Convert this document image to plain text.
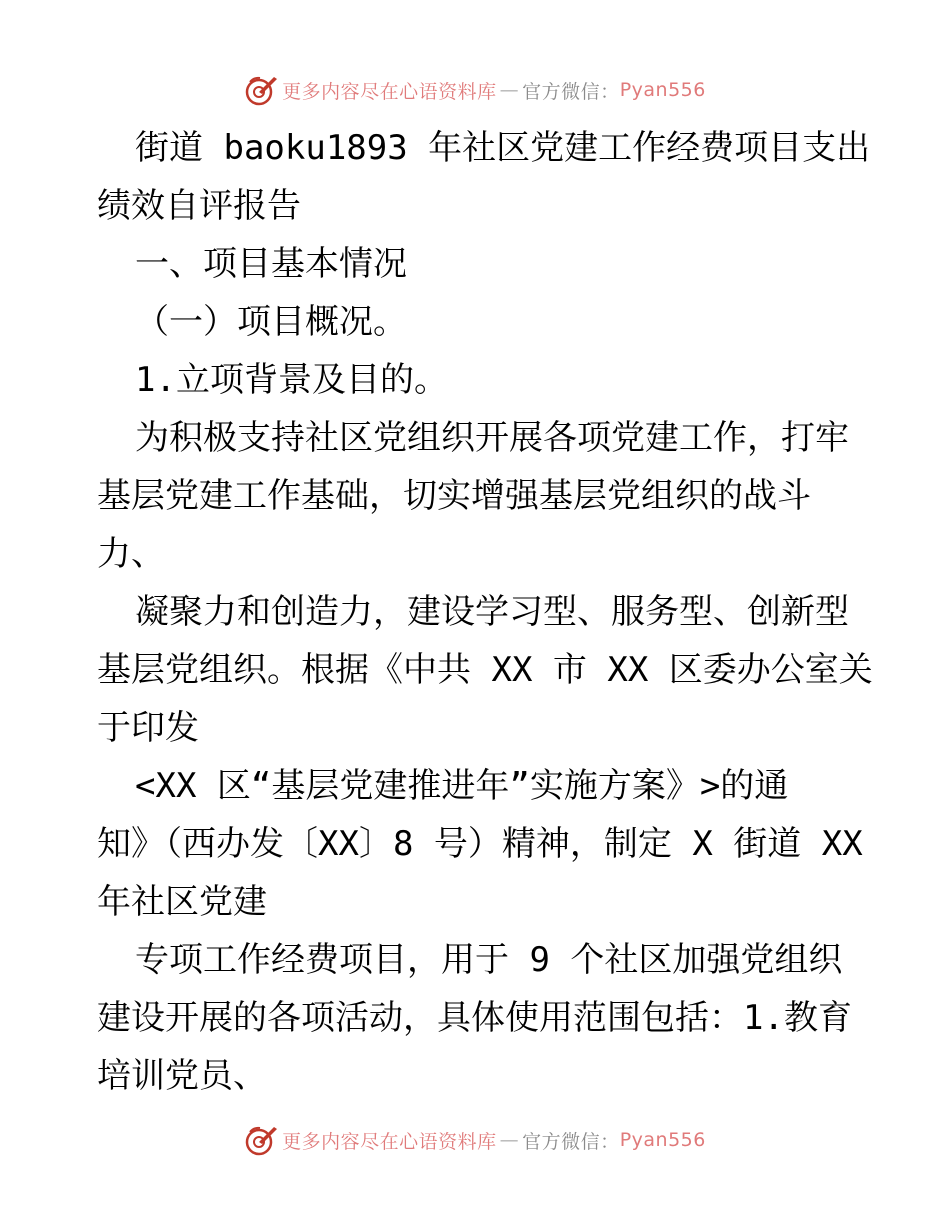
更多内容尽在心语资料库 — 官方微信： Pyan556
街道 baoku1893 年社区党建工作经费项目支出
绩效自评报告
一、项目基本情况
（一）项目概况。
1.立项背景及目的。
为积极支持社区党组织开展各项党建工作，打牢
基层党建工作基础，切实增强基层党组织的战斗
力、
凝聚力和创造力，建设学习型、服务型、创新型
基层党组织。根据《中共 XX 市 XX 区委办公室关
于印发
<XX 区“基层党建推进年”实施方案》>的通
知》（西办发〔XX〕8 号）精神，制定 X 街道 XX
年社区党建
专项工作经费项目，用于 9 个社区加强党组织
建设开展的各项活动，具体使用范围包括：1.教育
培训党员、
更多内容尽在心语资料库 — 官方微信： Pyan556
